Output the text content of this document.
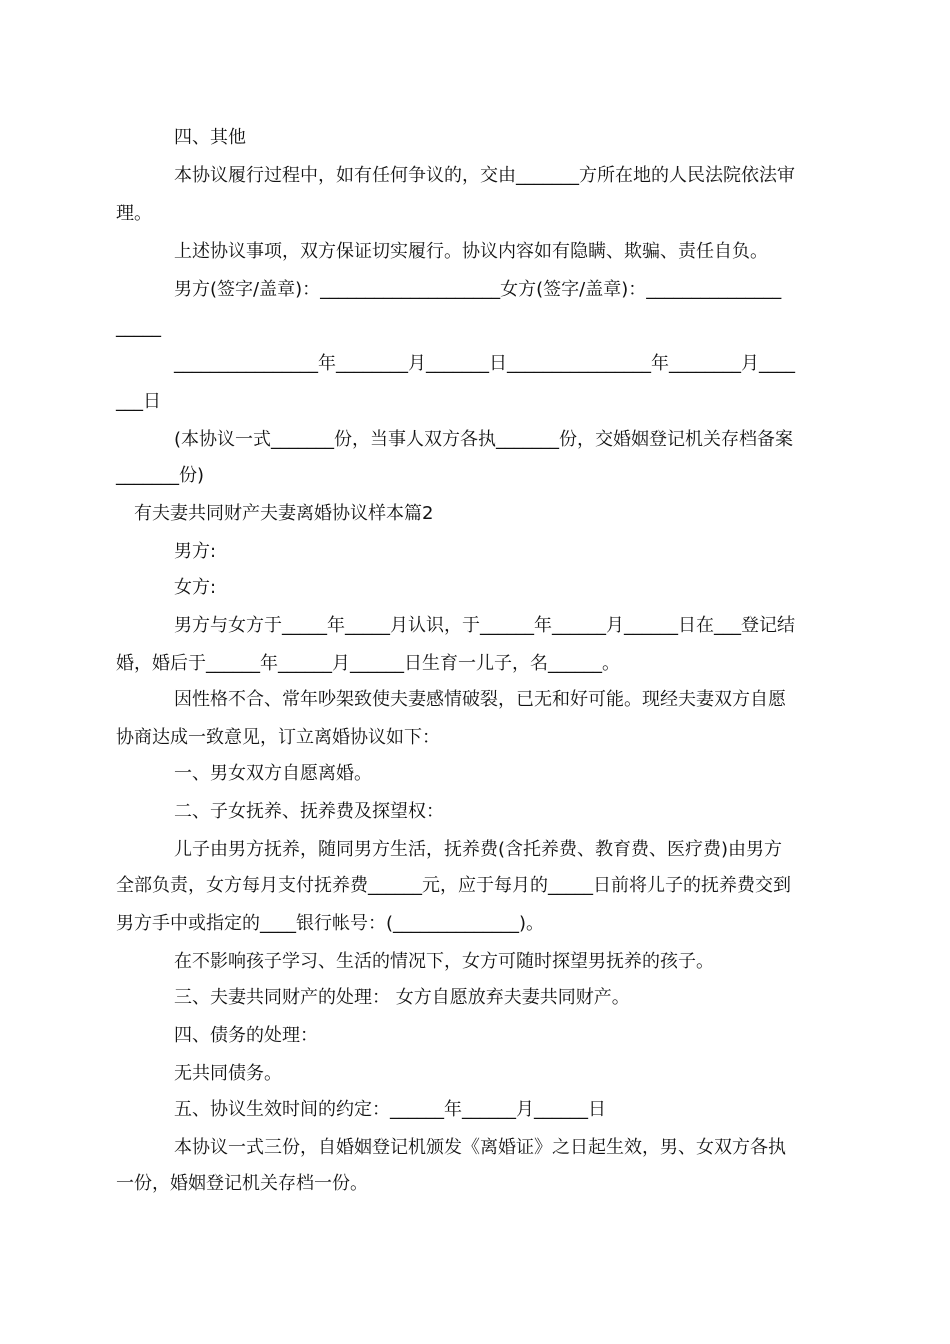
四、其他
本协议履行过程中，如有任何争议的，交由_______方所在地的人民法院依法审
理。
上述协议事项，双方保证切实履行。协议内容如有隐瞒、欺骗、责任自负。
男方(签字/盖章)：____________________女方(签字/盖章)：_______________
_____
________________年________月_______日________________年________月____
___日
(本协议一式_______份，当事人双方各执_______份，交婚姻登记机关存档备案
_______份)
有夫妻共同财产夫妻离婚协议样本篇2
男方:
女方:
男方与女方于_____年_____月认识，于______年______月______日在___登记结
婚，婚后于______年______月______日生育一儿子，名______。
因性格不合、常年吵架致使夫妻感情破裂，已无和好可能。现经夫妻双方自愿
协商达成一致意见，订立离婚协议如下：
一、男女双方自愿离婚。
二、子女抚养、抚养费及探望权：
儿子由男方抚养，随同男方生活，抚养费(含托养费、教育费、医疗费)由男方
全部负责，女方每月支付抚养费______元，应于每月的_____日前将儿子的抚养费交到
男方手中或指定的____银行帐号：(______________)。
在不影响孩子学习、生活的情况下，女方可随时探望男抚养的孩子。
三、夫妻共同财产的处理： 女方自愿放弃夫妻共同财产。
四、债务的处理：
无共同债务。
五、协议生效时间的约定：______年______月______日
本协议一式三份，自婚姻登记机颁发《离婚证》之日起生效，男、女双方各执
一份，婚姻登记机关存档一份。
